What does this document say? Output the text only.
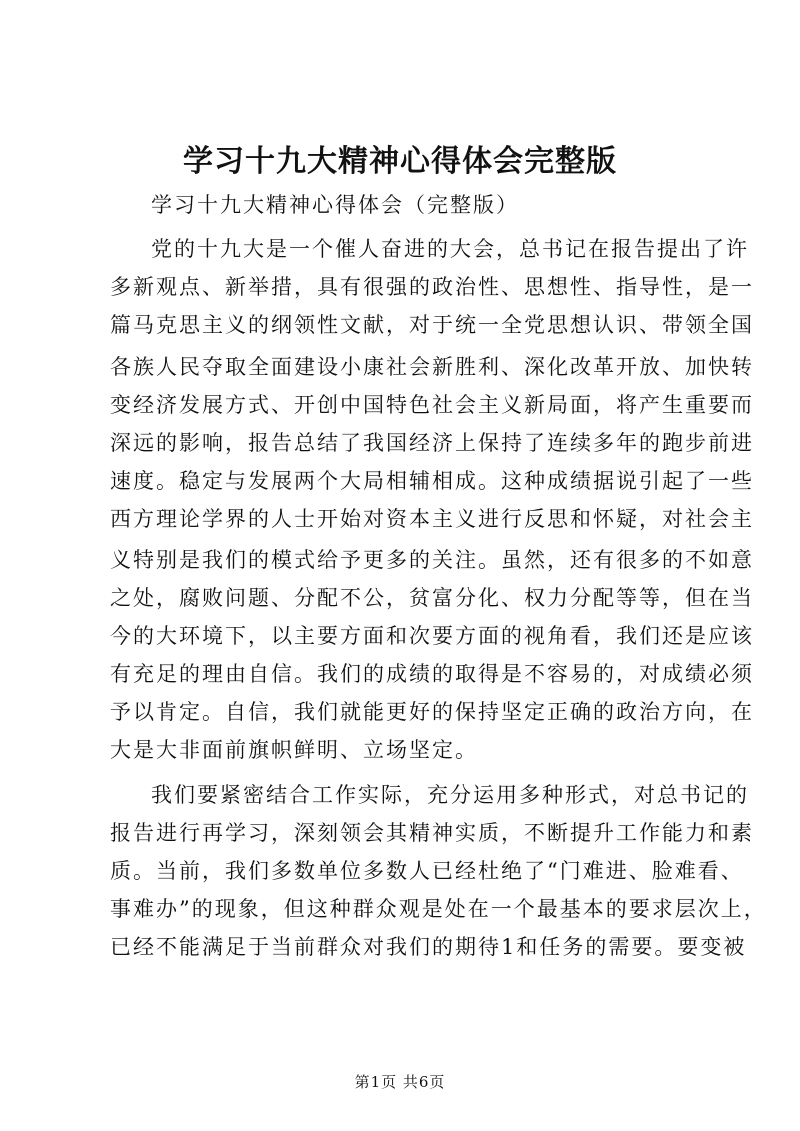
学习十九大精神心得体会完整版
学习十九大精神心得体会（完整版）
党的十九大是一个催人奋进的大会，总书记在报告提出了许
多新观点、新举措，具有很强的政治性、思想性、指导性，是一
篇马克思主义的纲领性文献，对于统一全党思想认识、带领全国
各族人民夺取全面建设小康社会新胜利、深化改革开放、加快转
变经济发展方式、开创中国特色社会主义新局面，将产生重要而
深远的影响，报告总结了我国经济上保持了连续多年的跑步前进
速度。稳定与发展两个大局相辅相成。这种成绩据说引起了一些
西方理论学界的人士开始对资本主义进行反思和怀疑，对社会主
义特别是我们的模式给予更多的关注。虽然，还有很多的不如意
之处，腐败问题、分配不公，贫富分化、权力分配等等，但在当
今的大环境下，以主要方面和次要方面的视角看，我们还是应该
有充足的理由自信。我们的成绩的取得是不容易的，对成绩必须
予以肯定。自信，我们就能更好的保持坚定正确的政治方向，在
大是大非面前旗帜鲜明、立场坚定。
我们要紧密结合工作实际，充分运用多种形式，对总书记的
报告进行再学习，深刻领会其精神实质，不断提升工作能力和素
质。当前，我们多数单位多数人已经杜绝了“门难进、脸难看、
事难办”的现象，但这种群众观是处在一个最基本的要求层次上，
已经不能满足于当前群众对我们的期待1和任务的需要。要变被
第1页 共6页
